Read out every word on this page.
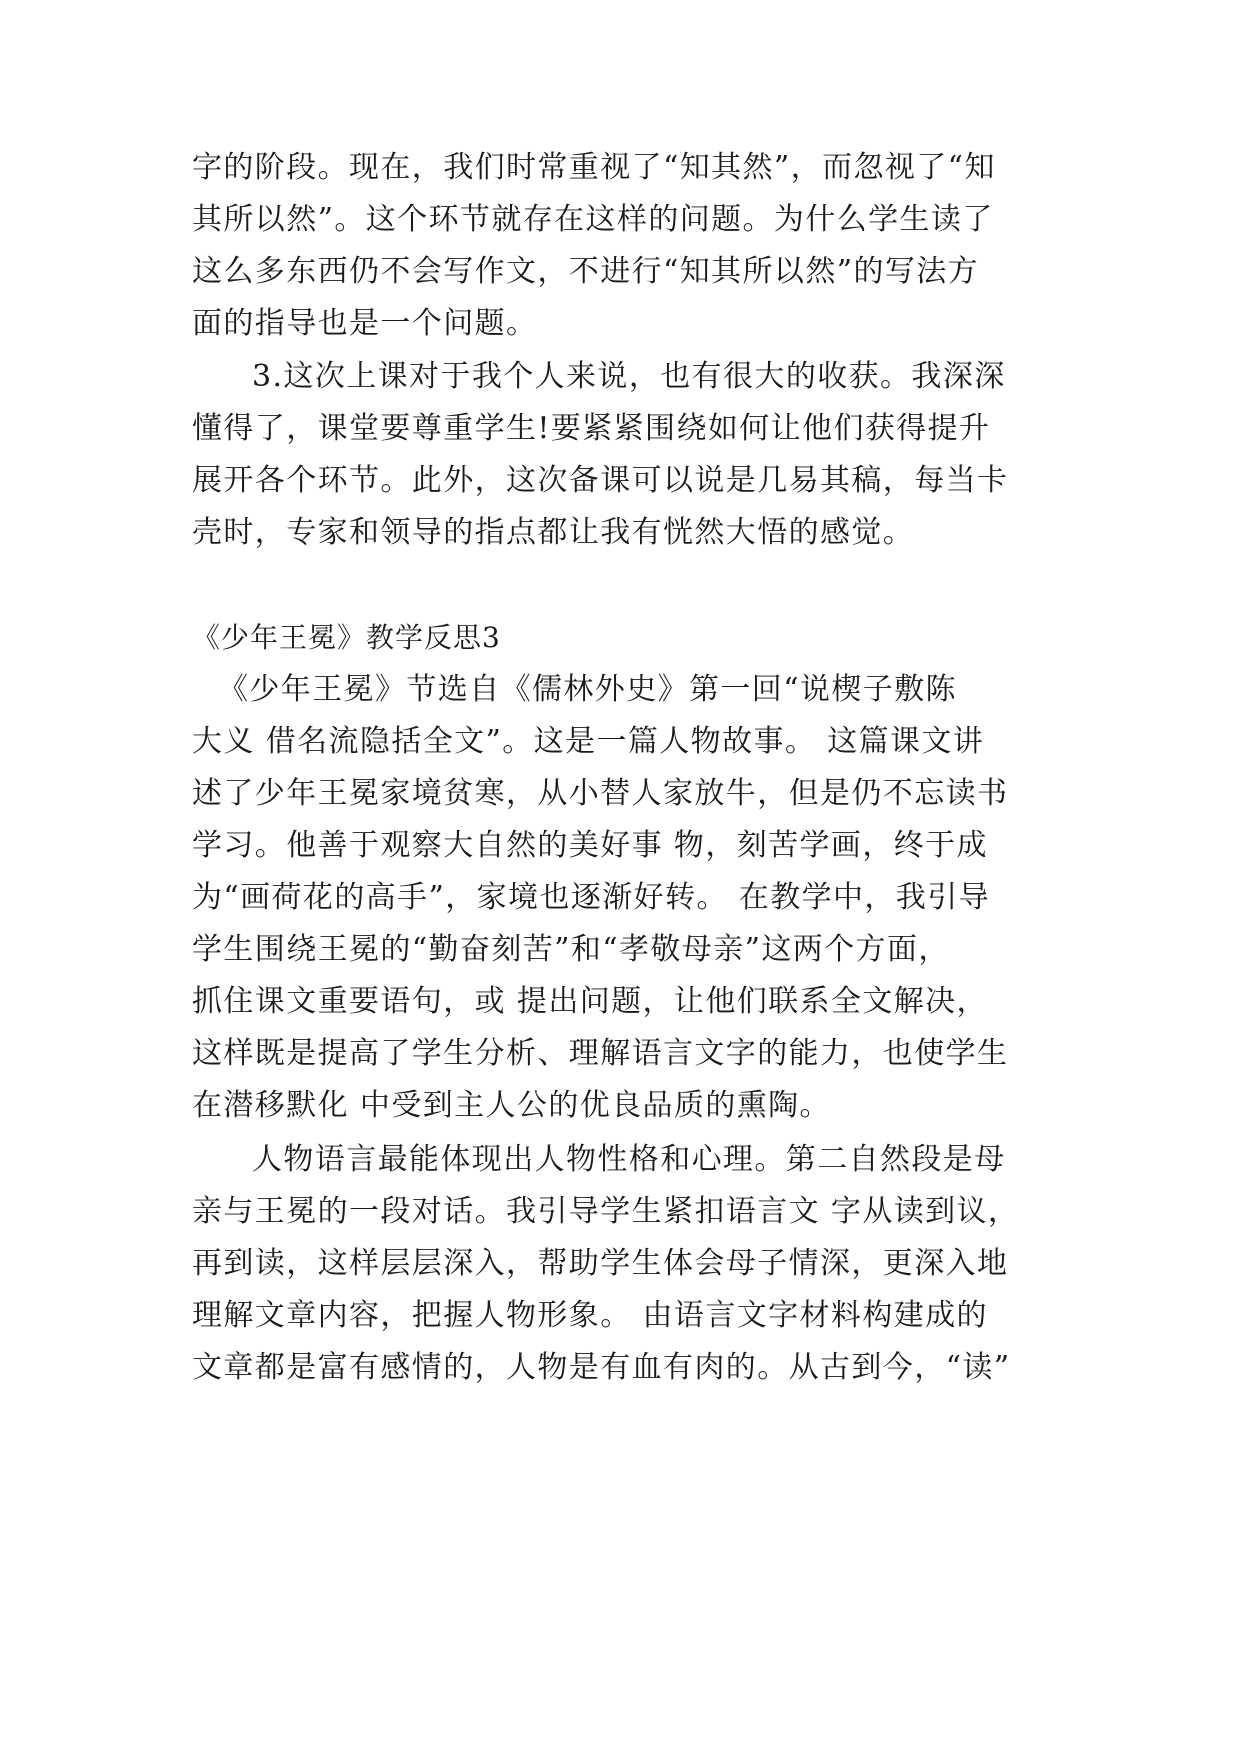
字的阶段。现在，我们时常重视了“知其然”，而忽视了“知
其所以然”。这个环节就存在这样的问题。为什么学生读了
这么多东西仍不会写作文，不进行“知其所以然”的写法方
面的指导也是一个问题。
3.这次上课对于我个人来说，也有很大的收获。我深深
懂得了，课堂要尊重学生!要紧紧围绕如何让他们获得提升
展开各个环节。此外，这次备课可以说是几易其稿，每当卡
壳时，专家和领导的指点都让我有恍然大悟的感觉。
《少年王冕》教学反思3
《少年王冕》节选自《儒林外史》第一回“说楔子敷陈
大义 借名流隐括全文”。这是一篇人物故事。 这篇课文讲
述了少年王冕家境贫寒，从小替人家放牛，但是仍不忘读书
学习。他善于观察大自然的美好事 物，刻苦学画，终于成
为“画荷花的高手”，家境也逐渐好转。 在教学中，我引导
学生围绕王冕的“勤奋刻苦”和“孝敬母亲”这两个方面，
抓住课文重要语句，或 提出问题，让他们联系全文解决，
这样既是提高了学生分析、理解语言文字的能力，也使学生
在潜移默化 中受到主人公的优良品质的熏陶。
人物语言最能体现出人物性格和心理。第二自然段是母
亲与王冕的一段对话。我引导学生紧扣语言文 字从读到议，
再到读，这样层层深入，帮助学生体会母子情深，更深入地
理解文章内容，把握人物形象。 由语言文字材料构建成的
文章都是富有感情的，人物是有血有肉的。从古到今，“读”
